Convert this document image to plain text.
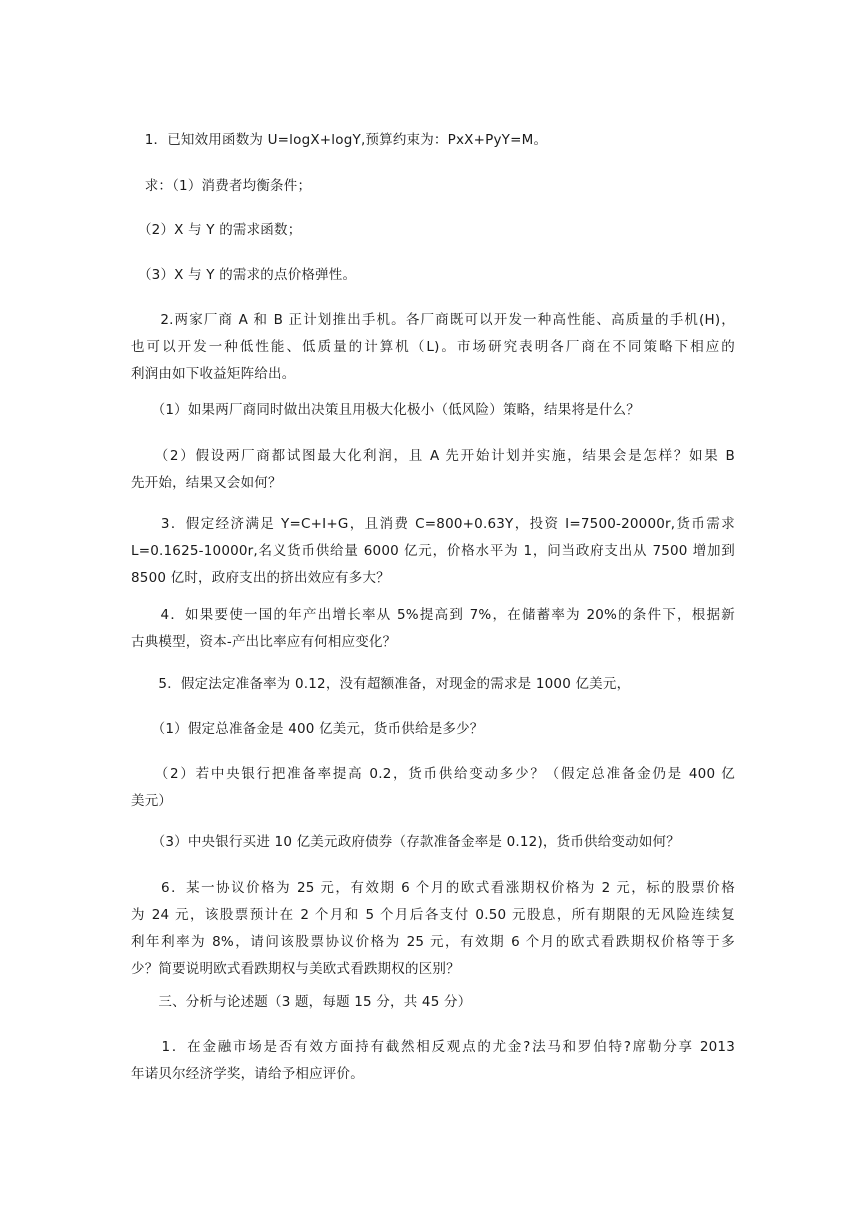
　1．已知效用函数为 U=logX+logY,预算约束为：PxX+PyY=M。

　求：（1）消费者均衡条件；

　（2）X 与 Y 的需求函数；

　（3）X 与 Y 的需求的点价格弹性。

　　2.两家厂商 A 和 B 正计划推出手机。各厂商既可以开发一种高性能、高质量的手机(H)，
也可以开发一种低性能、低质量的计算机（L)。市场研究表明各厂商在不同策略下相应的
利润由如下收益矩阵给出。

　　（1）如果两厂商同时做出决策且用极大化极小（低风险）策略，结果将是什么？

　　（2）假设两厂商都试图最大化利润，且 A 先开始计划并实施，结果会是怎样？如果 B
先开始，结果又会如何？

　　3．假定经济满足 Y=C+I+G，且消费 C=800+0.63Y，投资 I=7500-20000r,货币需求
L=0.1625-10000r,名义货币供给量 6000 亿元，价格水平为 1，问当政府支出从 7500 增加到
8500 亿时，政府支出的挤出效应有多大？

　　4．如果要使一国的年产出增长率从 5%提高到 7%，在储蓄率为 20%的条件下，根据新
古典模型，资本-产出比率应有何相应变化？

　　5．假定法定准备率为 0.12，没有超额准备，对现金的需求是 1000 亿美元，

　　（1）假定总准备金是 400 亿美元，货币供给是多少？

　　（2）若中央银行把准备率提高 0.2，货币供给变动多少？（假定总准备金仍是 400 亿
美元）

　　（3）中央银行买进 10 亿美元政府债券（存款准备金率是 0.12)，货币供给变动如何？

　　6．某一协议价格为 25 元，有效期 6 个月的欧式看涨期权价格为 2 元，标的股票价格
为 24 元，该股票预计在 2 个月和 5 个月后各支付 0.50 元股息，所有期限的无风险连续复
利年利率为 8%，请问该股票协议价格为 25 元，有效期 6 个月的欧式看跌期权价格等于多
少？简要说明欧式看跌期权与美欧式看跌期权的区别？

　　三、分析与论述题（3 题，每题 15 分，共 45 分）

　　1．在金融市场是否有效方面持有截然相反观点的尤金?法马和罗伯特?席勒分享 2013
年诺贝尔经济学奖，请给予相应评价。
